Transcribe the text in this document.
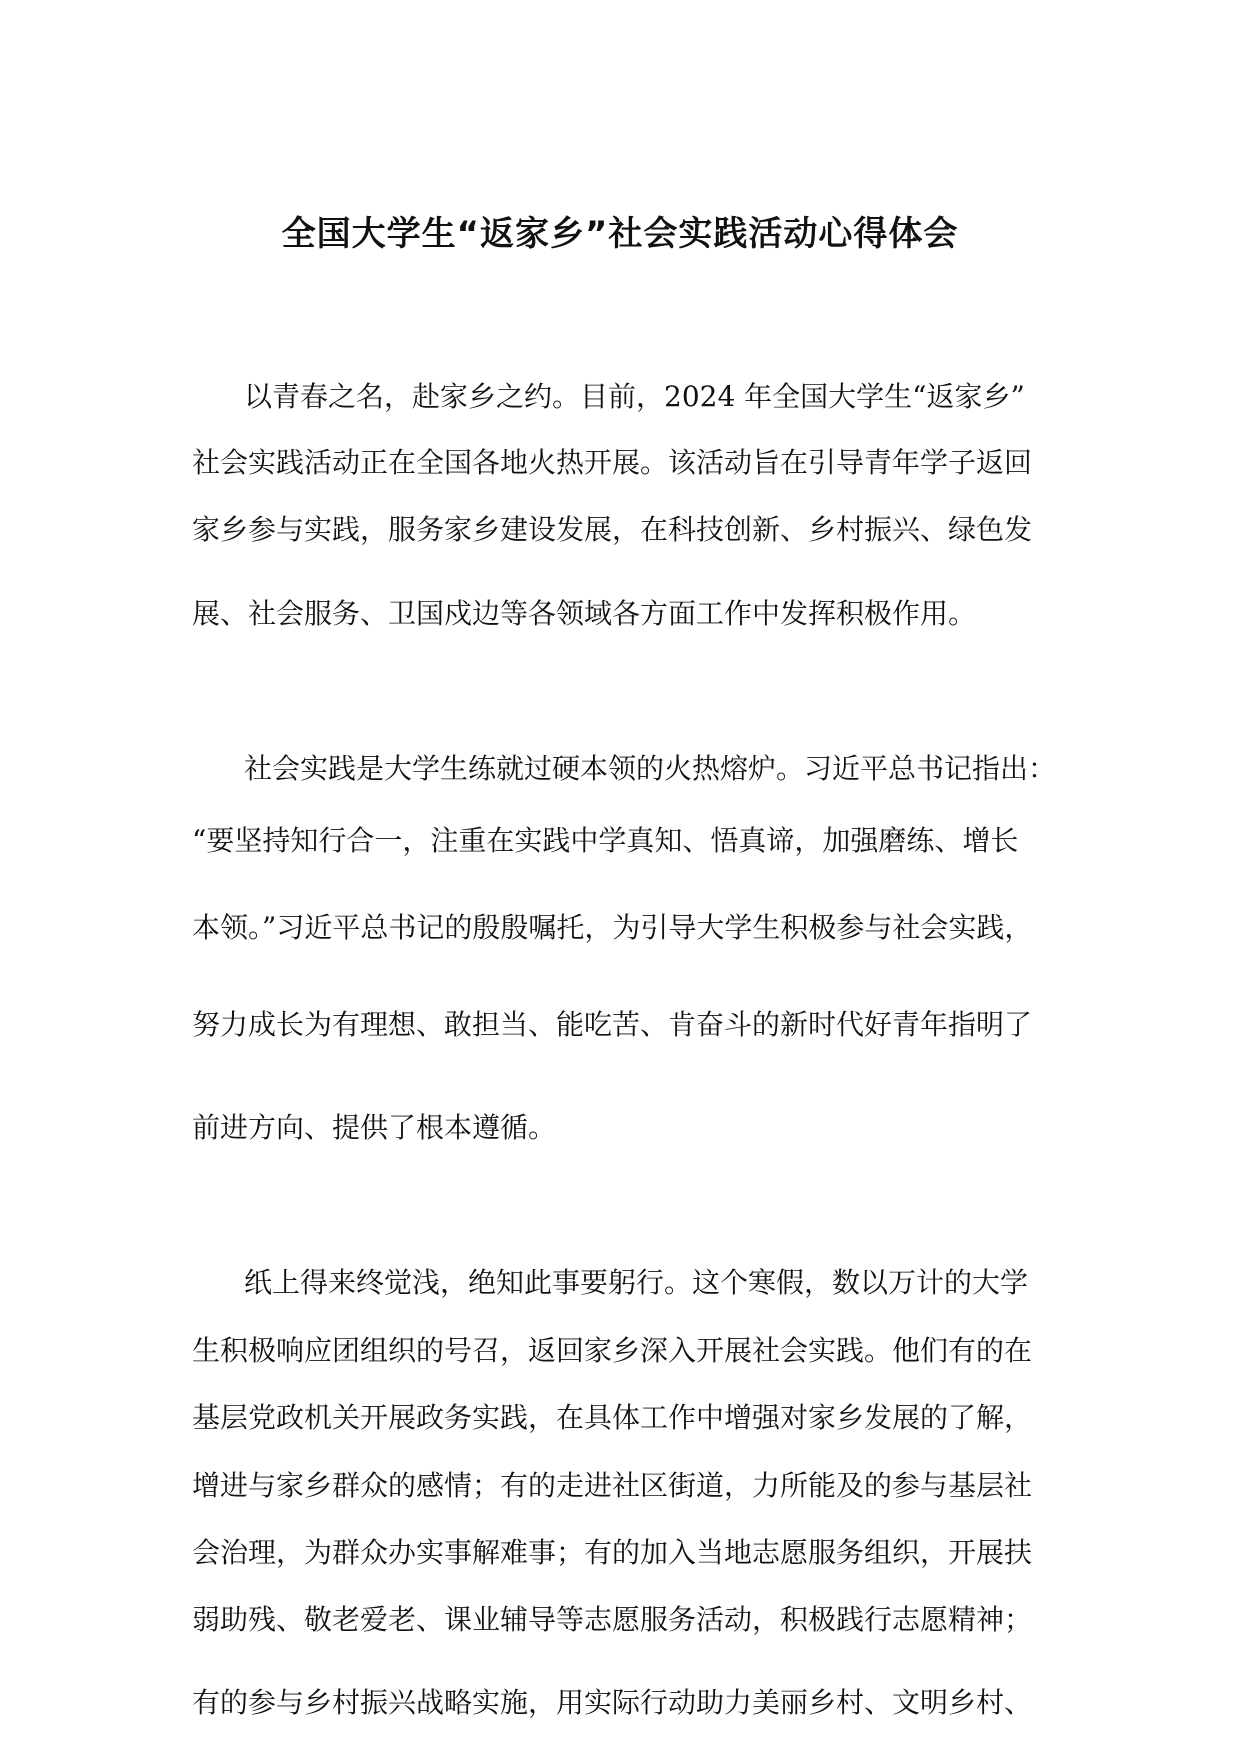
全国大学生“返家乡”社会实践活动心得体会
以青春之名，赴家乡之约。目前，2024 年全国大学生“返家乡”
社会实践活动正在全国各地火热开展。该活动旨在引导青年学子返回
家乡参与实践，服务家乡建设发展，在科技创新、乡村振兴、绿色发
展、社会服务、卫国戍边等各领域各方面工作中发挥积极作用。
社会实践是大学生练就过硬本领的火热熔炉。习近平总书记指出：
“要坚持知行合一，注重在实践中学真知、悟真谛，加强磨练、增长
本领。”习近平总书记的殷殷嘱托，为引导大学生积极参与社会实践，
努力成长为有理想、敢担当、能吃苦、肯奋斗的新时代好青年指明了
前进方向、提供了根本遵循。
纸上得来终觉浅，绝知此事要躬行。这个寒假，数以万计的大学
生积极响应团组织的号召，返回家乡深入开展社会实践。他们有的在
基层党政机关开展政务实践，在具体工作中增强对家乡发展的了解，
增进与家乡群众的感情；有的走进社区街道，力所能及的参与基层社
会治理，为群众办实事解难事；有的加入当地志愿服务组织，开展扶
弱助残、敬老爱老、课业辅导等志愿服务活动，积极践行志愿精神；
有的参与乡村振兴战略实施，用实际行动助力美丽乡村、文明乡村、
